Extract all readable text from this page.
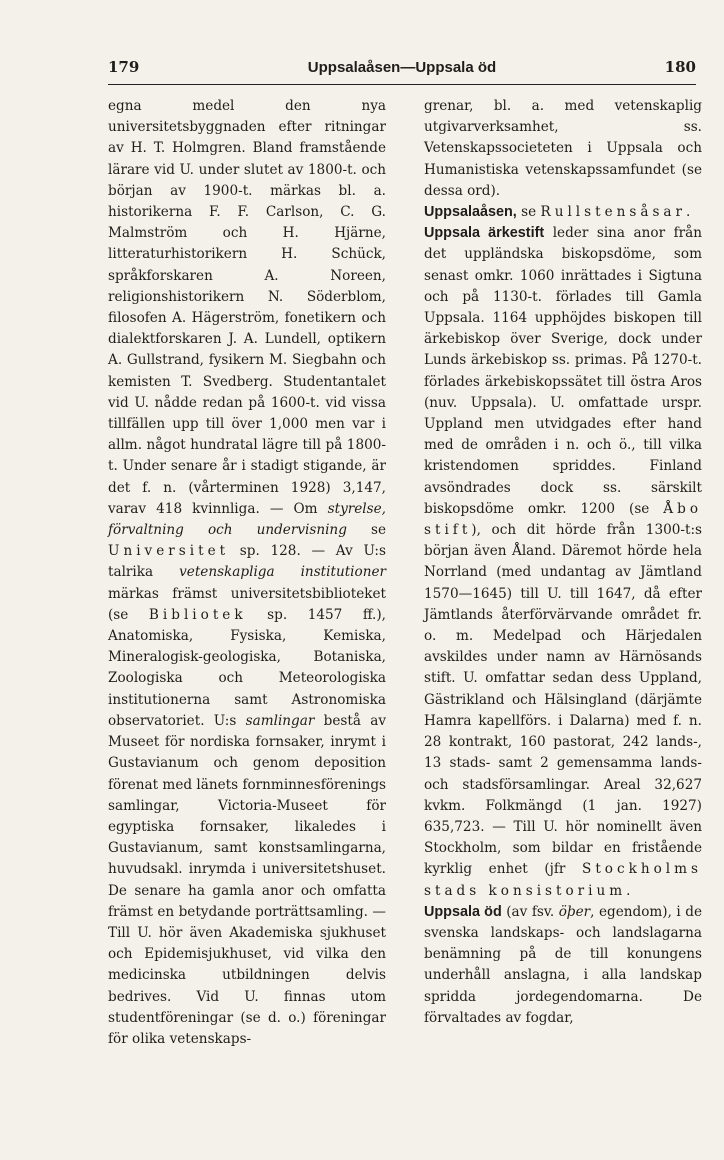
179	Uppsalaåsen—Uppsala öd	180

egna medel den nya universitetsbyggnaden efter ritningar av H. T. Holmgren. Bland framstående lärare vid U. under slutet av 1800-t. och början av 1900-t. märkas bl. a. historikerna F. F. Carlson, C. G. Malmström och H. Hjärne, litteraturhistorikern H. Schück, språkforskaren A. Noreen, religionshistorikern N. Söderblom, filosofen A. Hägerström, fonetikern och dialektforskaren J. A. Lundell, optikern A. Gullstrand, fysikern M. Siegbahn och kemisten T. Svedberg. Studentantalet vid U. nådde redan på 1600-t. vid vissa tillfällen upp till över 1,000 men var i allm. något hundratal lägre till på 1800-t. Under senare år i stadigt stigande, är det f. n. (vårterminen 1928) 3,147, varav 418 kvinnliga. — Om styrelse, förvaltning och undervisning se Universitet sp. 128. — Av U:s talrika vetenskapliga institutioner märkas främst universitetsbiblioteket (se Bibliotek sp. 1457 ff.), Anatomiska, Fysiska, Kemiska, Mineralogisk-geologiska, Botaniska, Zoologiska och Meteorologiska institutionerna samt Astronomiska observatoriet. U:s samlingar bestå av Museet för nordiska fornsaker, inrymt i Gustavianum och genom deposition förenat med länets fornminnesförenings samlingar, Victoria-Museet för egyptiska fornsaker, likaledes i Gustavianum, samt konstsamlingarna, huvudsakl. inrymda i universitetshuset. De senare ha gamla anor och omfatta främst en betydande porträttsamling. — Till U. hör även Akademiska sjukhuset och Epidemisjukhuset, vid vilka den medicinska utbildningen delvis bedrives. Vid U. finnas utom studentföreningar (se d. o.) föreningar för olika vetenskaps-

grenar, bl. a. med vetenskaplig utgivarverksamhet, ss. Vetenskapssocieteten i Uppsala och Humanistiska vetenskapssamfundet (se dessa ord).

Uppsalaåsen, se Rullstensåsar.

Uppsala ärkestift leder sina anor från det uppländska biskopsdöme, som senast omkr. 1060 inrättades i Sigtuna och på 1130-t. förlades till Gamla Uppsala. 1164 upphöjdes biskopen till ärkebiskop över Sverige, dock under Lunds ärkebiskop ss. primas. På 1270-t. förlades ärkebiskopssätet till östra Aros (nuv. Uppsala). U. omfattade urspr. Uppland men utvidgades efter hand med de områden i n. och ö., till vilka kristendomen spriddes. Finland avsöndrades dock ss. särskilt biskopsdöme omkr. 1200 (se Åbo stift), och dit hörde från 1300-t:s början även Åland. Däremot hörde hela Norrland (med undantag av Jämtland 1570—1645) till U. till 1647, då efter Jämtlands återförvärvande området fr. o. m. Medelpad och Härjedalen avskildes under namn av Härnösands stift. U. omfattar sedan dess Uppland, Gästrikland och Hälsingland (därjämte Hamra kapellförs. i Dalarna) med f. n. 28 kontrakt, 160 pastorat, 242 lands-, 13 stads- samt 2 gemensamma lands- och stadsförsamlingar. Areal 32,627 kvkm. Folkmängd (1 jan. 1927) 635,723. — Till U. hör nominellt även Stockholm, som bildar en fristående kyrklig enhet (jfr Stockholms stads konsistorium.

Uppsala öd (av fsv. öþer, egendom), i de svenska landskaps- och landslagarna benämning på de till konungens underhåll anslagna, i alla landskap spridda jordegendomarna. De förvaltades av fogdar,
